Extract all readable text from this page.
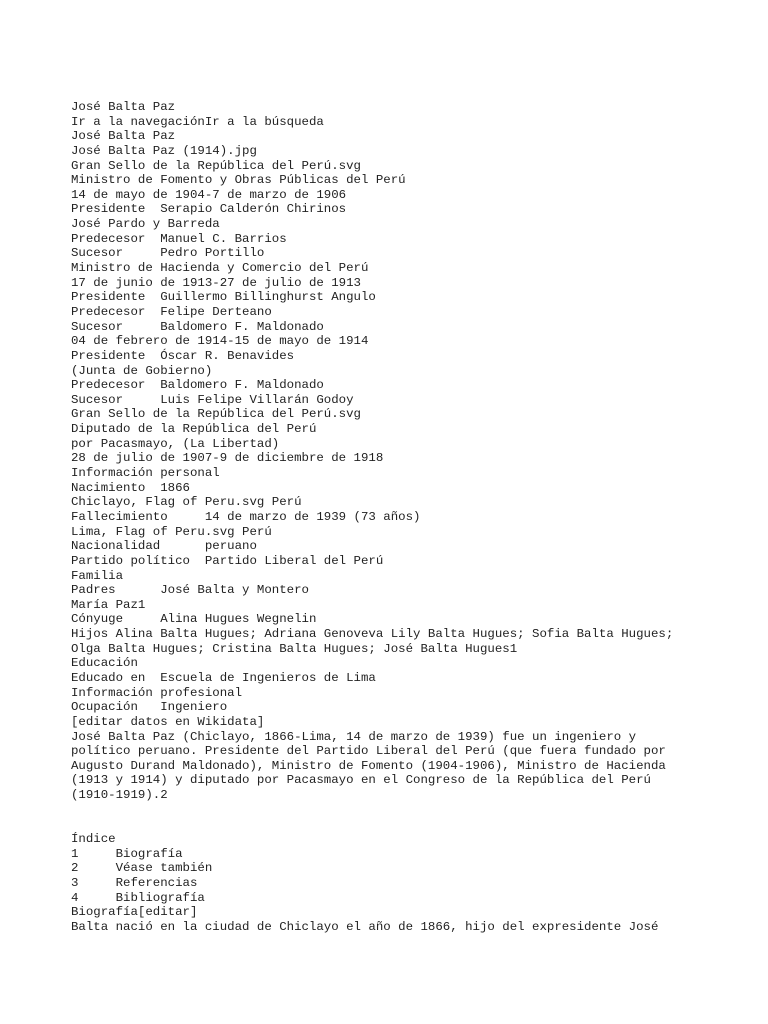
José Balta Paz
Ir a la navegaciónIr a la búsqueda
José Balta Paz
José Balta Paz (1914).jpg
Gran Sello de la República del Perú.svg
Ministro de Fomento y Obras Públicas del Perú
14 de mayo de 1904-7 de marzo de 1906
Presidente  Serapio Calderón Chirinos
José Pardo y Barreda
Predecesor  Manuel C. Barrios
Sucesor     Pedro Portillo
Ministro de Hacienda y Comercio del Perú
17 de junio de 1913-27 de julio de 1913
Presidente  Guillermo Billinghurst Angulo
Predecesor  Felipe Derteano
Sucesor     Baldomero F. Maldonado
04 de febrero de 1914-15 de mayo de 1914
Presidente  Óscar R. Benavides
(Junta de Gobierno)
Predecesor  Baldomero F. Maldonado
Sucesor     Luis Felipe Villarán Godoy
Gran Sello de la República del Perú.svg
Diputado de la República del Perú
por Pacasmayo, (La Libertad)
28 de julio de 1907-9 de diciembre de 1918
Información personal
Nacimiento  1866
Chiclayo, Flag of Peru.svg Perú
Fallecimiento     14 de marzo de 1939 (73 años)
Lima, Flag of Peru.svg Perú
Nacionalidad      peruano
Partido político  Partido Liberal del Perú
Familia
Padres      José Balta y Montero
María Paz1
Cónyuge     Alina Hugues Wegnelin
Hijos Alina Balta Hugues; Adriana Genoveva Lily Balta Hugues; Sofia Balta Hugues;
Olga Balta Hugues; Cristina Balta Hugues; José Balta Hugues1
Educación
Educado en  Escuela de Ingenieros de Lima
Información profesional
Ocupación   Ingeniero
[editar datos en Wikidata]
José Balta Paz (Chiclayo, 1866-Lima, 14 de marzo de 1939) fue un ingeniero y
político peruano. Presidente del Partido Liberal del Perú (que fuera fundado por
Augusto Durand Maldonado), Ministro de Fomento (1904-1906), Ministro de Hacienda
(1913 y 1914) y diputado por Pacasmayo en el Congreso de la República del Perú
(1910-1919).2
Índice
1     Biografía
2     Véase también
3     Referencias
4     Bibliografía
Biografía[editar]
Balta nació en la ciudad de Chiclayo el año de 1866, hijo del expresidente José
